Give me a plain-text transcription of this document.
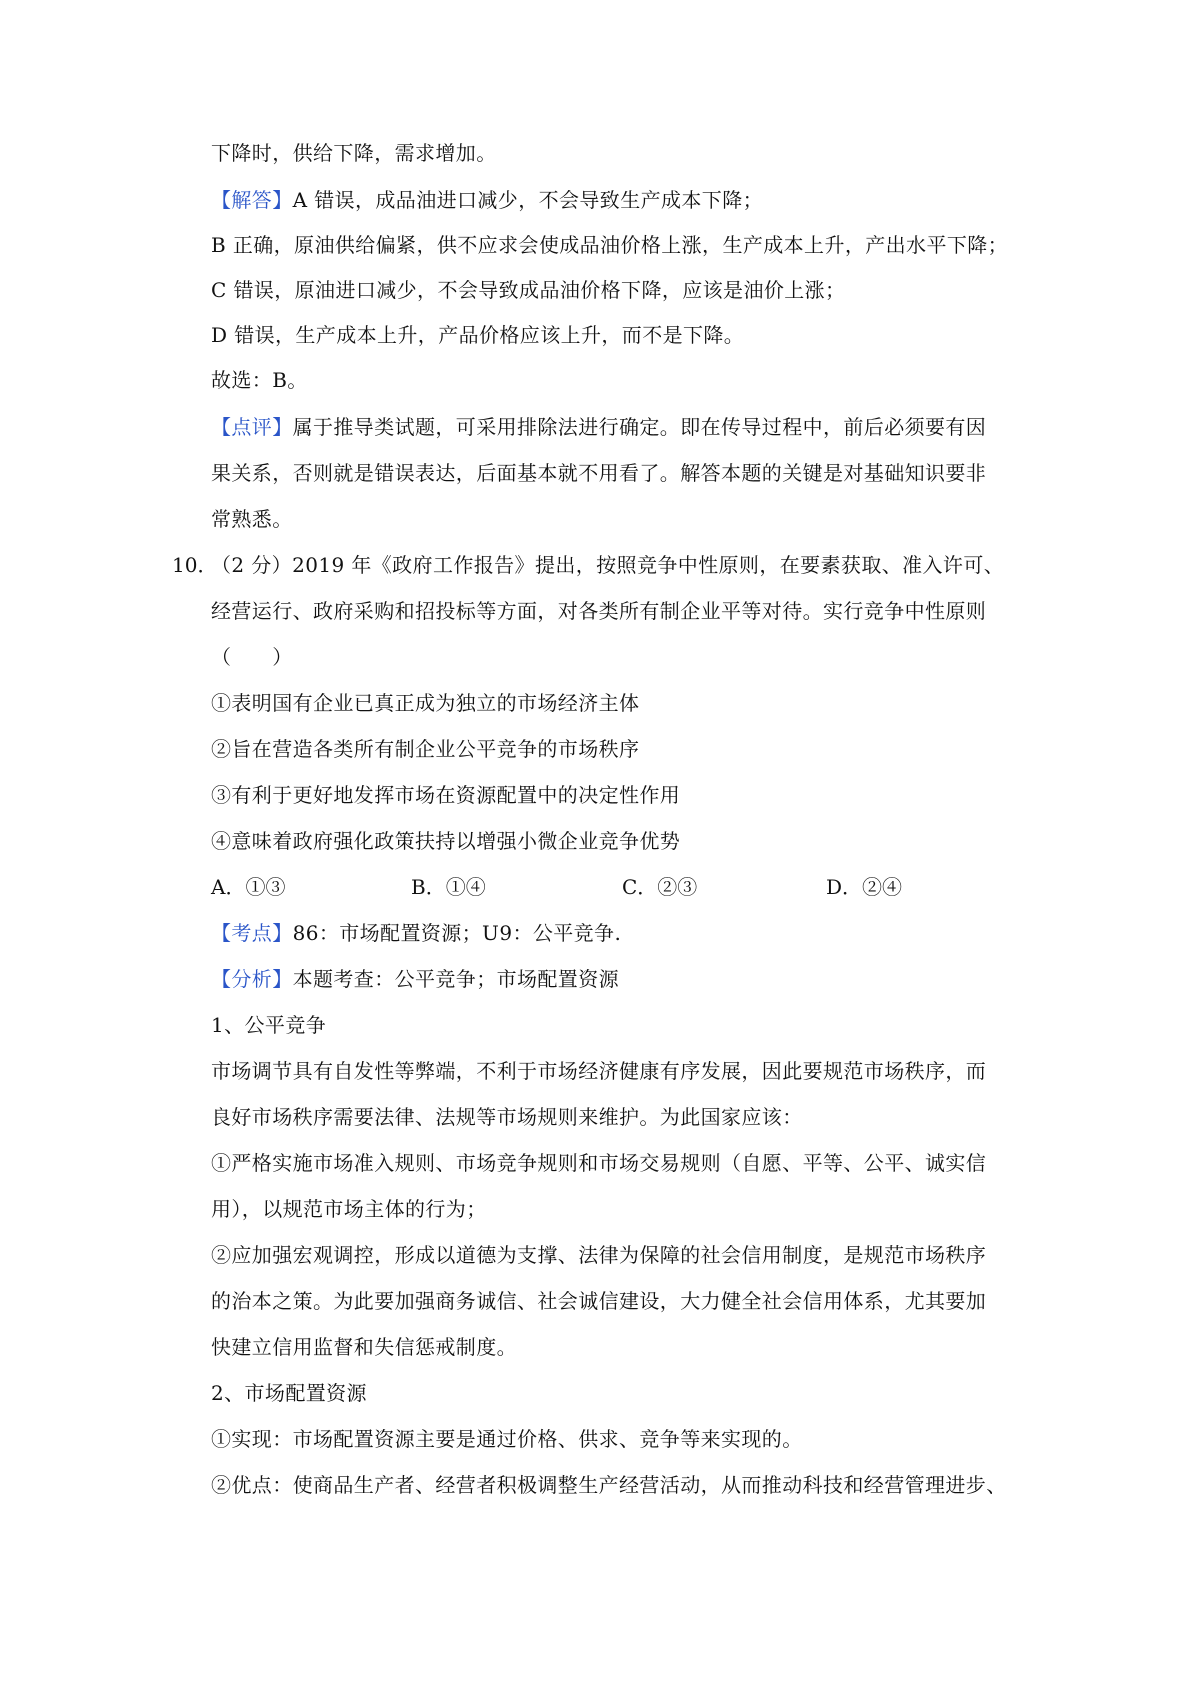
下降时，供给下降，需求增加。
【解答】A 错误，成品油进口减少，不会导致生产成本下降；
B 正确，原油供给偏紧，供不应求会使成品油价格上涨，生产成本上升，产出水平下降；
C 错误，原油进口减少，不会导致成品油价格下降，应该是油价上涨；
D 错误，生产成本上升，产品价格应该上升，而不是下降。
故选：B。
【点评】属于推导类试题，可采用排除法进行确定。即在传导过程中，前后必须要有因
果关系，否则就是错误表达，后面基本就不用看了。解答本题的关键是对基础知识要非
常熟悉。
10．
（2 分）2019 年《政府工作报告》提出，按照竞争中性原则，在要素获取、准入许可、
经营运行、政府采购和招投标等方面，对各类所有制企业平等对待。实行竞争中性原则
（　　）
①表明国有企业已真正成为独立的市场经济主体
②旨在营造各类所有制企业公平竞争的市场秩序
③有利于更好地发挥市场在资源配置中的决定性作用
④意味着政府强化政策扶持以增强小微企业竞争优势
A．①③	B．①④	C．②③	D．②④
【考点】86：市场配置资源；U9：公平竞争.
【分析】本题考查：公平竞争；市场配置资源
1、公平竞争
市场调节具有自发性等弊端，不利于市场经济健康有序发展，因此要规范市场秩序，而
良好市场秩序需要法律、法规等市场规则来维护。为此国家应该：
①严格实施市场准入规则、市场竞争规则和市场交易规则（自愿、平等、公平、诚实信
用），以规范市场主体的行为；
②应加强宏观调控，形成以道德为支撑、法律为保障的社会信用制度，是规范市场秩序
的治本之策。为此要加强商务诚信、社会诚信建设，大力健全社会信用体系，尤其要加
快建立信用监督和失信惩戒制度。
2、市场配置资源
①实现：市场配置资源主要是通过价格、供求、竞争等来实现的。
②优点：使商品生产者、经营者积极调整生产经营活动，从而推动科技和经营管理进步、
